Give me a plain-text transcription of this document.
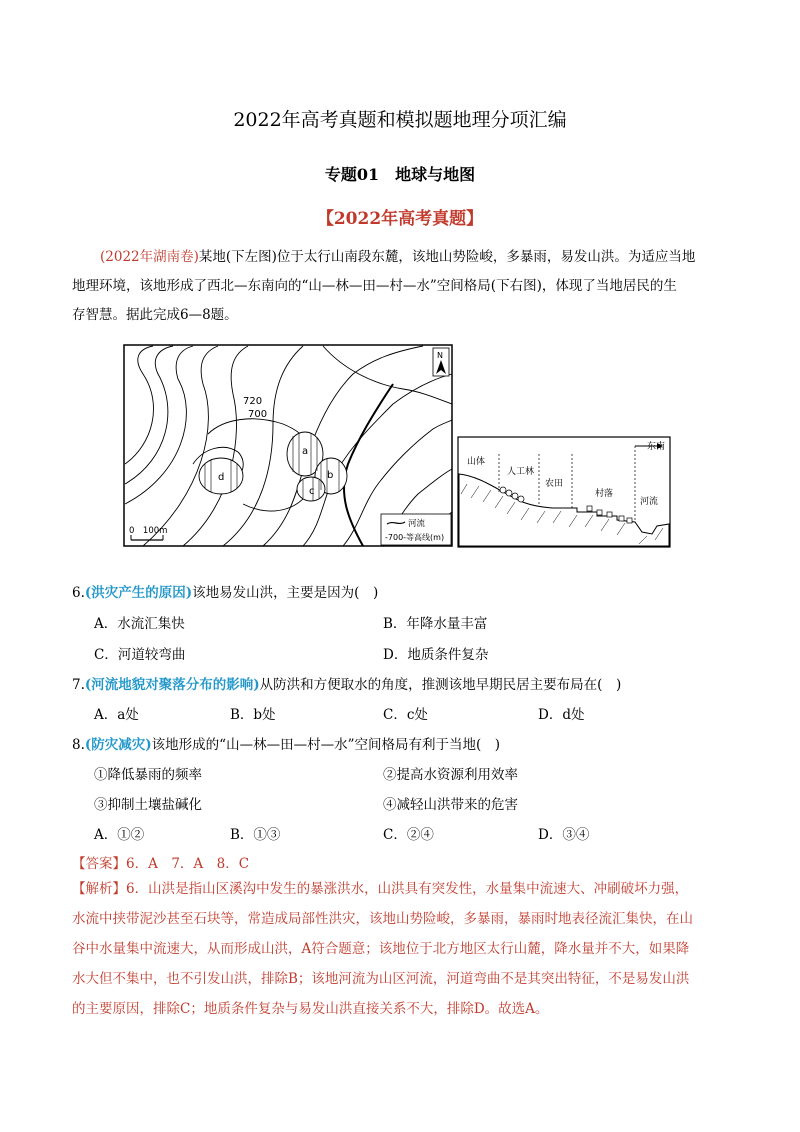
2022年高考真题和模拟题地理分项汇编
专题01　地球与地图
【2022年高考真题】
(2022年湖南卷)某地(下左图)位于太行山南段东麓，该地山势险峻，多暴雨，易发山洪。为适应当地
地理环境，该地形成了西北—东南向的“山—林—田—村—水”空间格局(下右图)，体现了当地居民的生
存智慧。据此完成6—8题。
a
b
c
d
720
700
N
0　100m
河流
-700-等高线(m)
东南
山体
人工林
农田
村落
河流
6.(洪灾产生的原因)该地易发山洪，主要是因为(　)
A．水流汇集快	B．年降水量丰富
C．河道较弯曲	D．地质条件复杂
7.(河流地貌对聚落分布的影响)从防洪和方便取水的角度，推测该地早期民居主要布局在(　)
A．a处	B．b处	C．c处	D．d处
8.(防灾减灾)该地形成的“山—林—田—村—水”空间格局有利于当地(　)
①降低暴雨的频率	②提高水资源利用效率
③抑制土壤盐碱化	④减轻山洪带来的危害
A．①②	B．①③	C．②④	D．③④
【答案】6．A　7．A　8．C
【解析】6．山洪是指山区溪沟中发生的暴涨洪水，山洪具有突发性，水量集中流速大、冲刷破坏力强，
水流中挟带泥沙甚至石块等，常造成局部性洪灾，该地山势险峻，多暴雨，暴雨时地表径流汇集快，在山
谷中水量集中流速大，从而形成山洪，A符合题意；该地位于北方地区太行山麓，降水量并不大，如果降
水大但不集中，也不引发山洪，排除B；该地河流为山区河流，河道弯曲不是其突出特征，不是易发山洪
的主要原因，排除C；地质条件复杂与易发山洪直接关系不大，排除D。故选A。
